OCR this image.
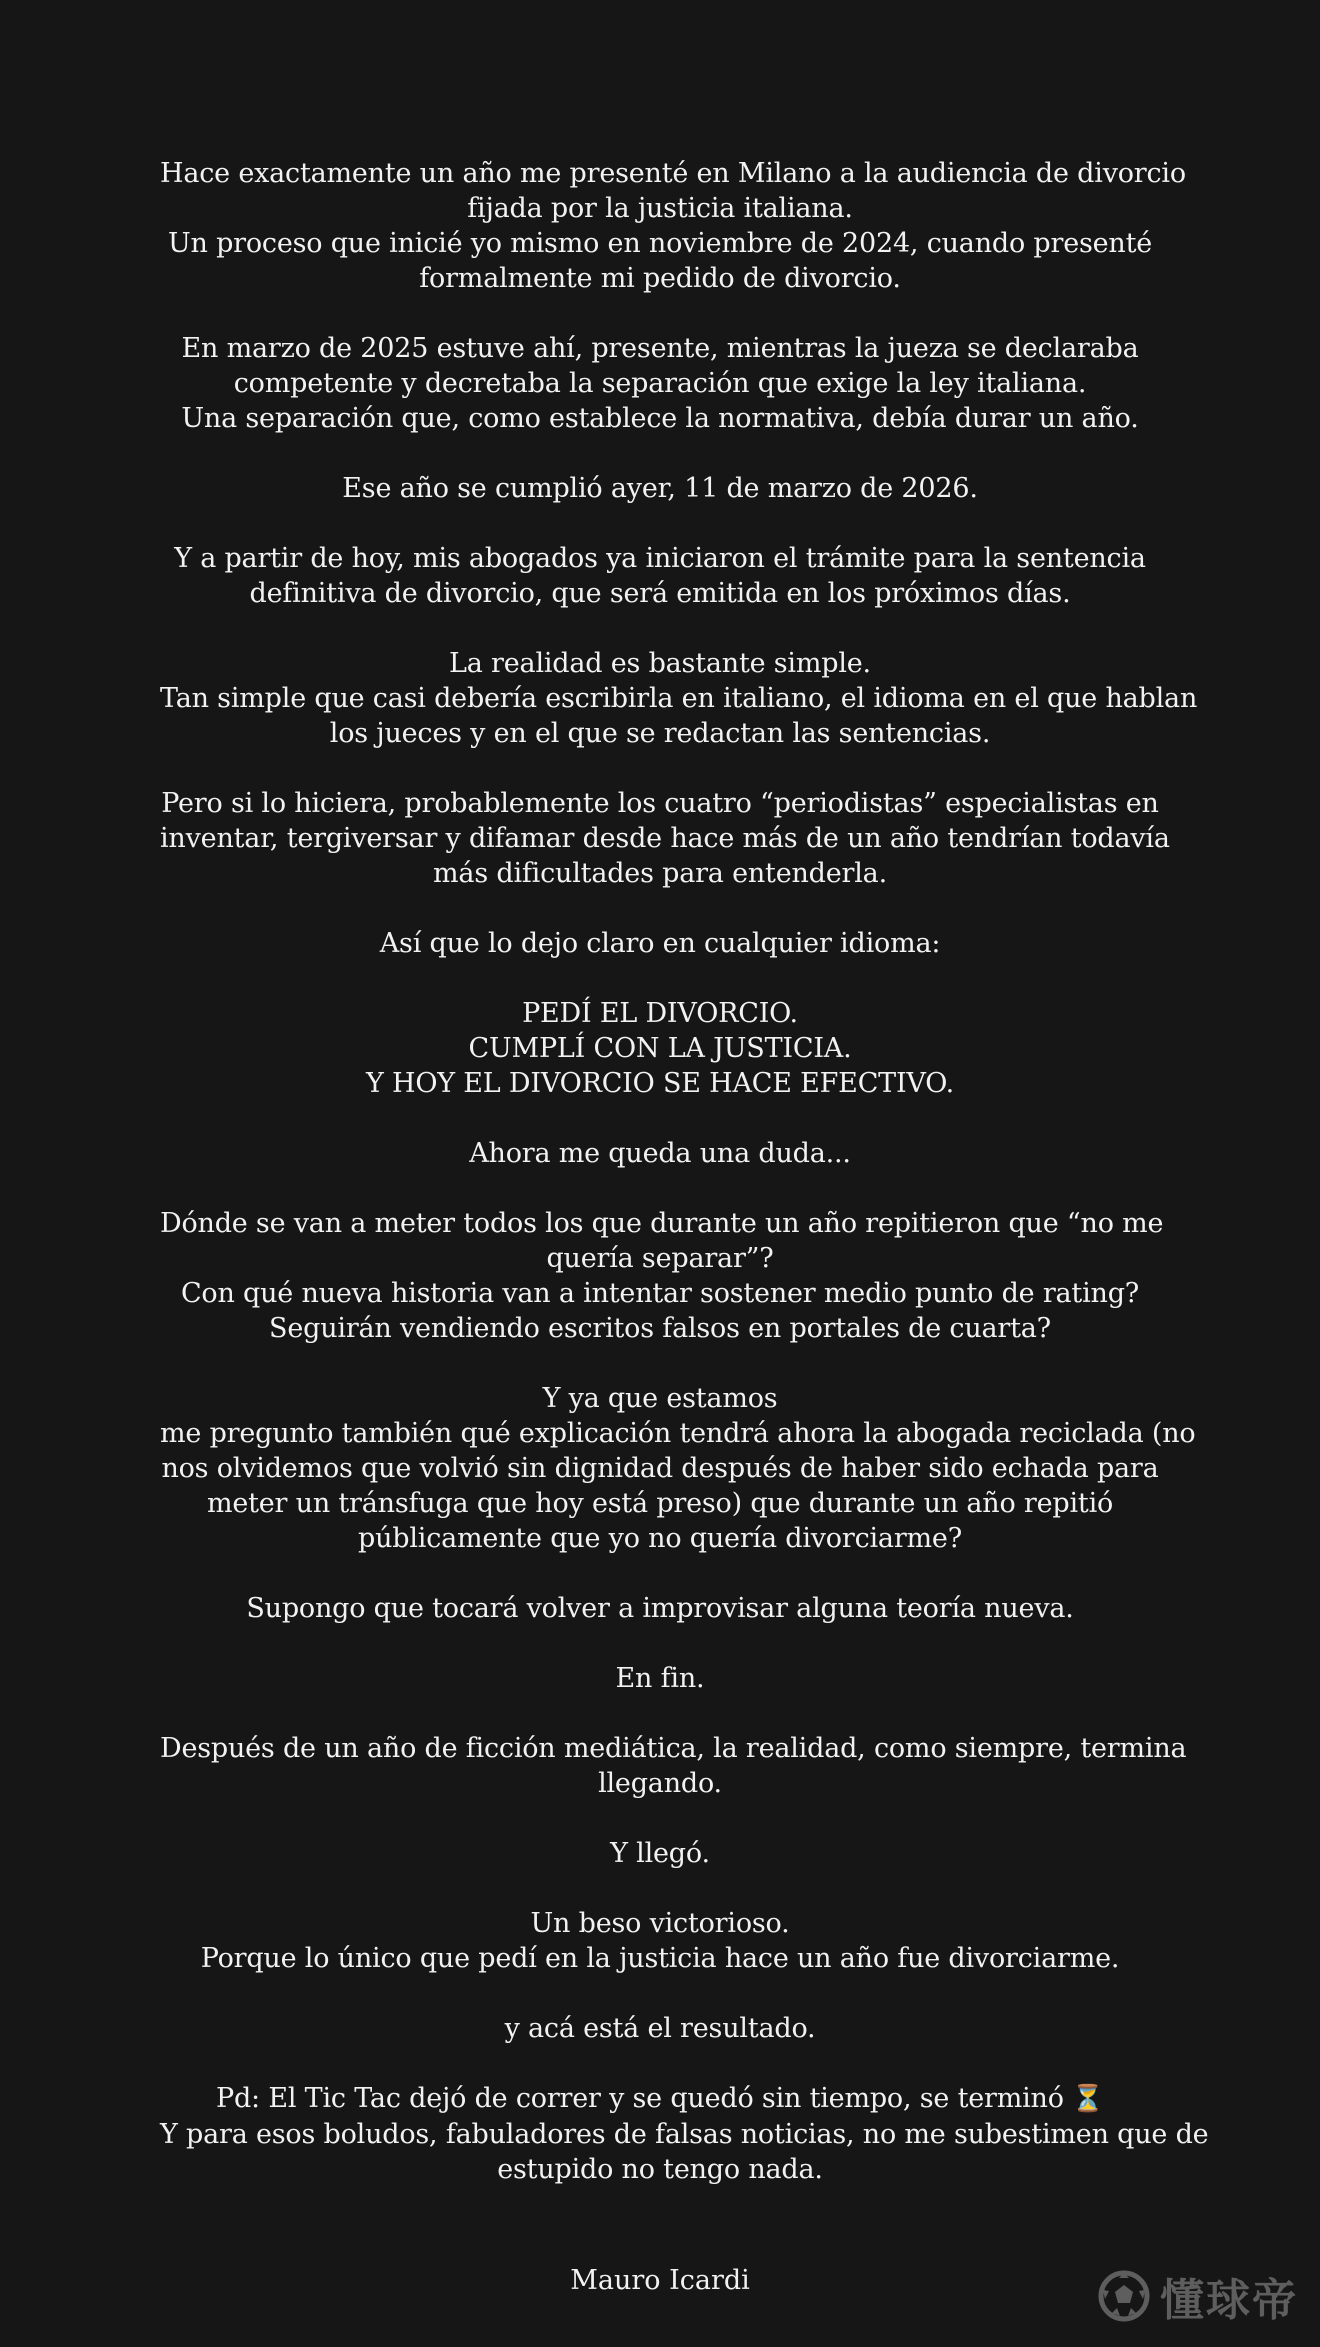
Hace exactamente un año me presenté en Milano a la audiencia de divorcio
fijada por la justicia italiana.
Un proceso que inicié yo mismo en noviembre de 2024, cuando presenté
formalmente mi pedido de divorcio.
En marzo de 2025 estuve ahí, presente, mientras la jueza se declaraba
competente y decretaba la separación que exige la ley italiana.
Una separación que, como establece la normativa, debía durar un año.
Ese año se cumplió ayer, 11 de marzo de 2026.
Y a partir de hoy, mis abogados ya iniciaron el trámite para la sentencia
definitiva de divorcio, que será emitida en los próximos días.
La realidad es bastante simple.
Tan simple que casi debería escribirla en italiano, el idioma en el que hablan
los jueces y en el que se redactan las sentencias.
Pero si lo hiciera, probablemente los cuatro “periodistas” especialistas en
inventar, tergiversar y difamar desde hace más de un año tendrían todavía
más dificultades para entenderla.
Así que lo dejo claro en cualquier idioma:
PEDÍ EL DIVORCIO.
CUMPLÍ CON LA JUSTICIA.
Y HOY EL DIVORCIO SE HACE EFECTIVO.
Ahora me queda una duda...
Dónde se van a meter todos los que durante un año repitieron que “no me
quería separar”?
Con qué nueva historia van a intentar sostener medio punto de rating?
Seguirán vendiendo escritos falsos en portales de cuarta?
Y ya que estamos
me pregunto también qué explicación tendrá ahora la abogada reciclada (no
nos olvidemos que volvió sin dignidad después de haber sido echada para
meter un tránsfuga que hoy está preso) que durante un año repitió
públicamente que yo no quería divorciarme?
Supongo que tocará volver a improvisar alguna teoría nueva.
En fin.
Después de un año de ficción mediática, la realidad, como siempre, termina
llegando.
Y llegó.
Un beso victorioso.
Porque lo único que pedí en la justicia hace un año fue divorciarme.
y acá está el resultado.
Pd: El Tic Tac dejó de correr y se quedó sin tiempo, se terminó ⏳
Y para esos boludos, fabuladores de falsas noticias, no me subestimen que de
estupido no tengo nada.
Mauro Icardi	懂球帝
